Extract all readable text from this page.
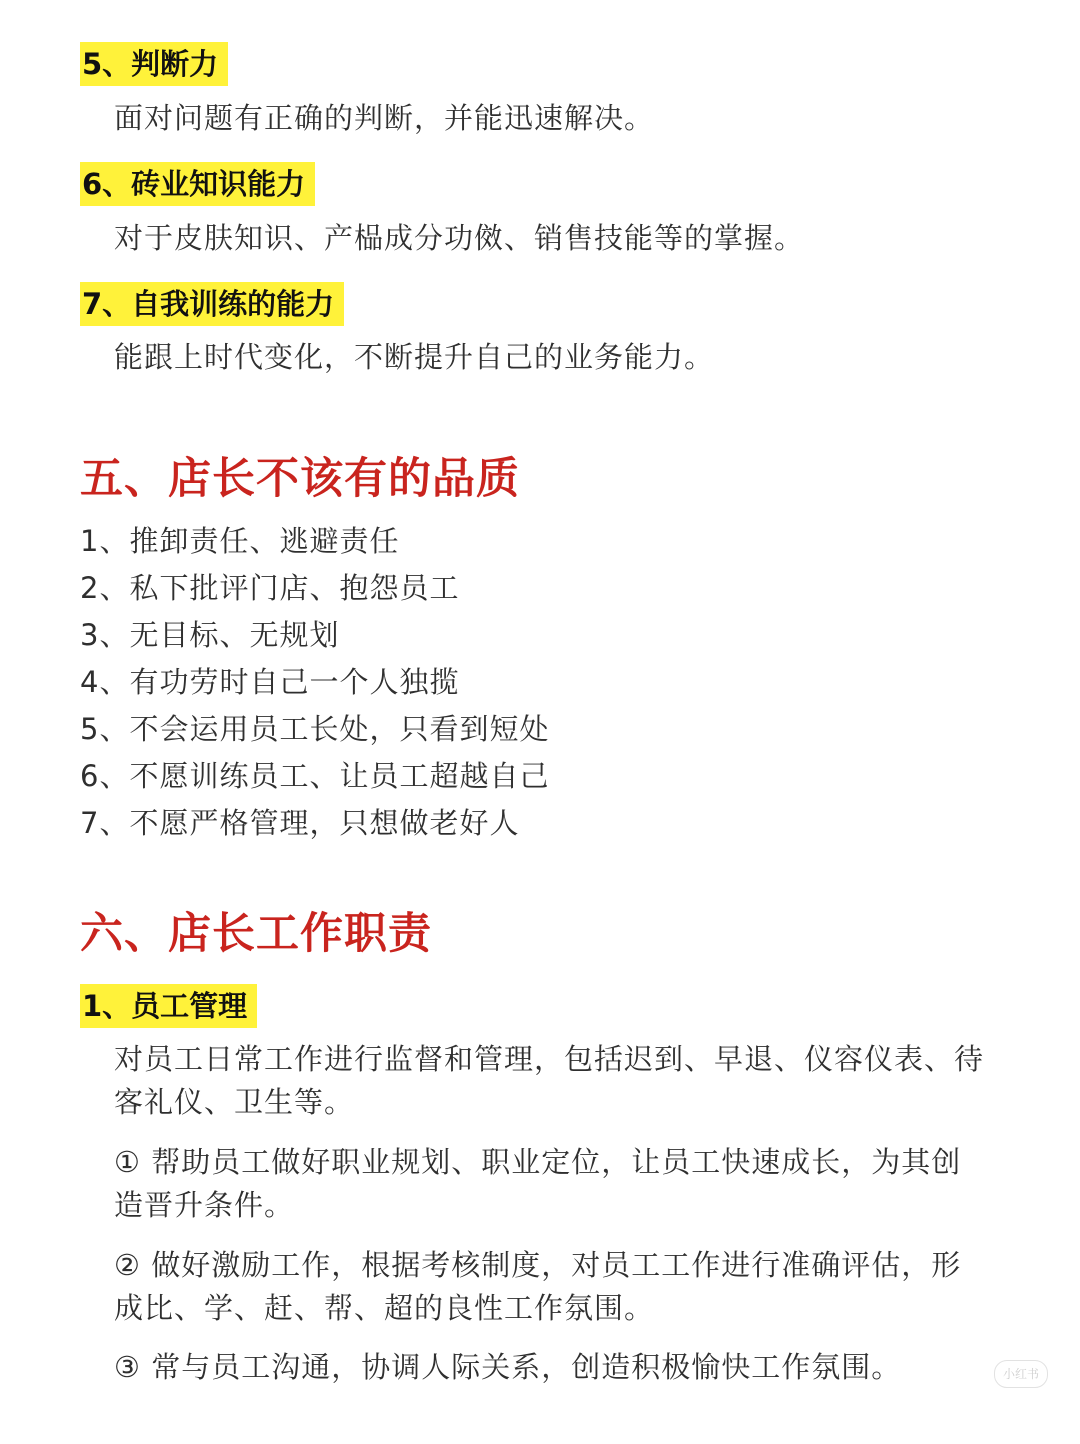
5、判断力
面对问题有正确的判断，并能迅速解决。
6、砖业知识能力
对于皮肤知识、产榀成分功傚、销售技能等的掌握。
7、自我训练的能力
能跟上时代变化，不断提升自己的业务能力。
五、店长不该有的品质
1、推卸责任、逃避责任
2、私下批评门店、抱怨员工
3、无目标、无规划
4、有功劳时自己一个人独揽
5、不会运用员工长处，只看到短处
6、不愿训练员工、让员工超越自己
7、不愿严格管理，只想做老好人
六、店长工作职责
1、员工管理
对员工日常工作进行监督和管理，包括迟到、早退、仪容仪表、待客礼仪、卫生等。
① 帮助员工做好职业规划、职业定位，让员工快速成长，为其创造晋升条件。
② 做好激励工作，根据考核制度，对员工工作进行准确评估，形成比、学、赶、帮、超的良性工作氛围。
③ 常与员工沟通，协调人际关系，创造积极愉快工作氛围。	小红书
